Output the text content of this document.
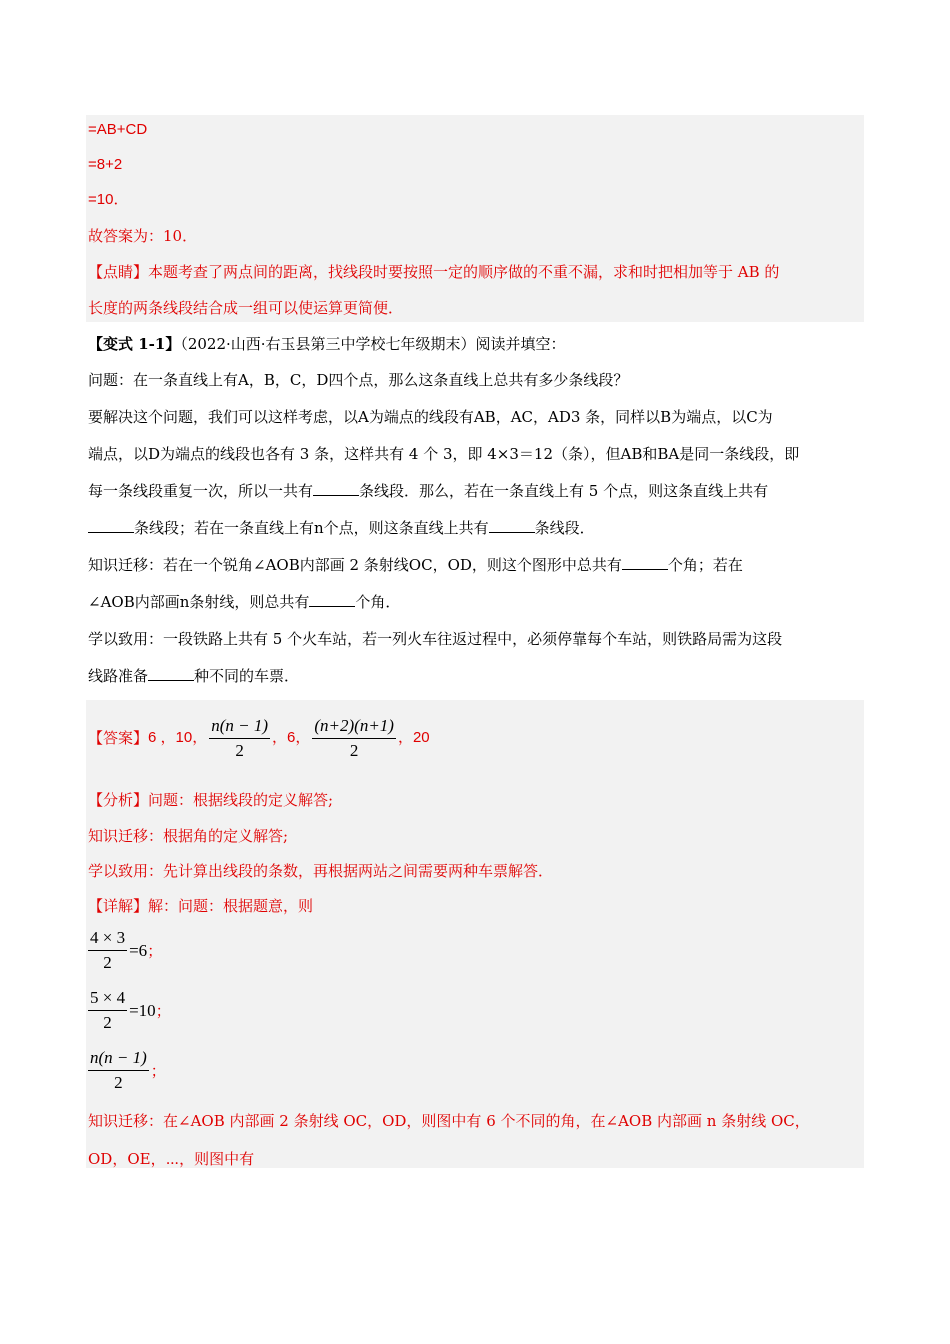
=AB+CD
=8+2
=10．
故答案为：10．
【点睛】本题考查了两点间的距离，找线段时要按照一定的顺序做的不重不漏，求和时把相加等于 AB 的
长度的两条线段结合成一组可以使运算更简便．
【变式 1-1】（2022·山西·右玉县第三中学校七年级期末）阅读并填空：
问题：在一条直线上有A，B，C，D四个点，那么这条直线上总共有多少条线段？
要解决这个问题，我们可以这样考虑，以A为端点的线段有AB，AC，AD3 条，同样以B为端点，以C为
端点，以D为端点的线段也各有 3 条，这样共有 4 个 3，即 4×3＝12（条），但AB和BA是同一条线段，即
每一条线段重复一次，所以一共有	条线段．那么，若在一条直线上有 5 个点，则这条直线上共有
条线段；若在一条直线上有n个点，则这条直线上共有	条线段．
知识迁移：若在一个锐角∠AOB内部画 2 条射线OC，OD，则这个图形中总共有	个角；若在
∠AOB内部画n条射线，则总共有	个角．
学以致用：一段铁路上共有 5 个火车站，若一列火车往返过程中，必须停靠每个车站，则铁路局需为这段
线路准备	种不同的车票．
【答案】 6 ，10， $\frac{n(n - 1)}{2}$ ，6， $\frac{(n+2)(n+1)}{2}$ ，20
【分析】问题：根据线段的定义解答;
知识迁移：根据角的定义解答;
学以致用：先计算出线段的条数，再根据两站之间需要两种车票解答．
【详解】解：问题：根据题意，则
$\frac{4 \times 3}{2} =6$ ；
$\frac{5 \times 4}{2} =10$ ；
$\frac{n(n - 1)}{2}$ ；
知识迁移：在∠AOB 内部画 2 条射线 OC，OD，则图中有 6 个不同的角，在∠AOB 内部画 n 条射线 OC，
OD，OE，⋯，则图中有
